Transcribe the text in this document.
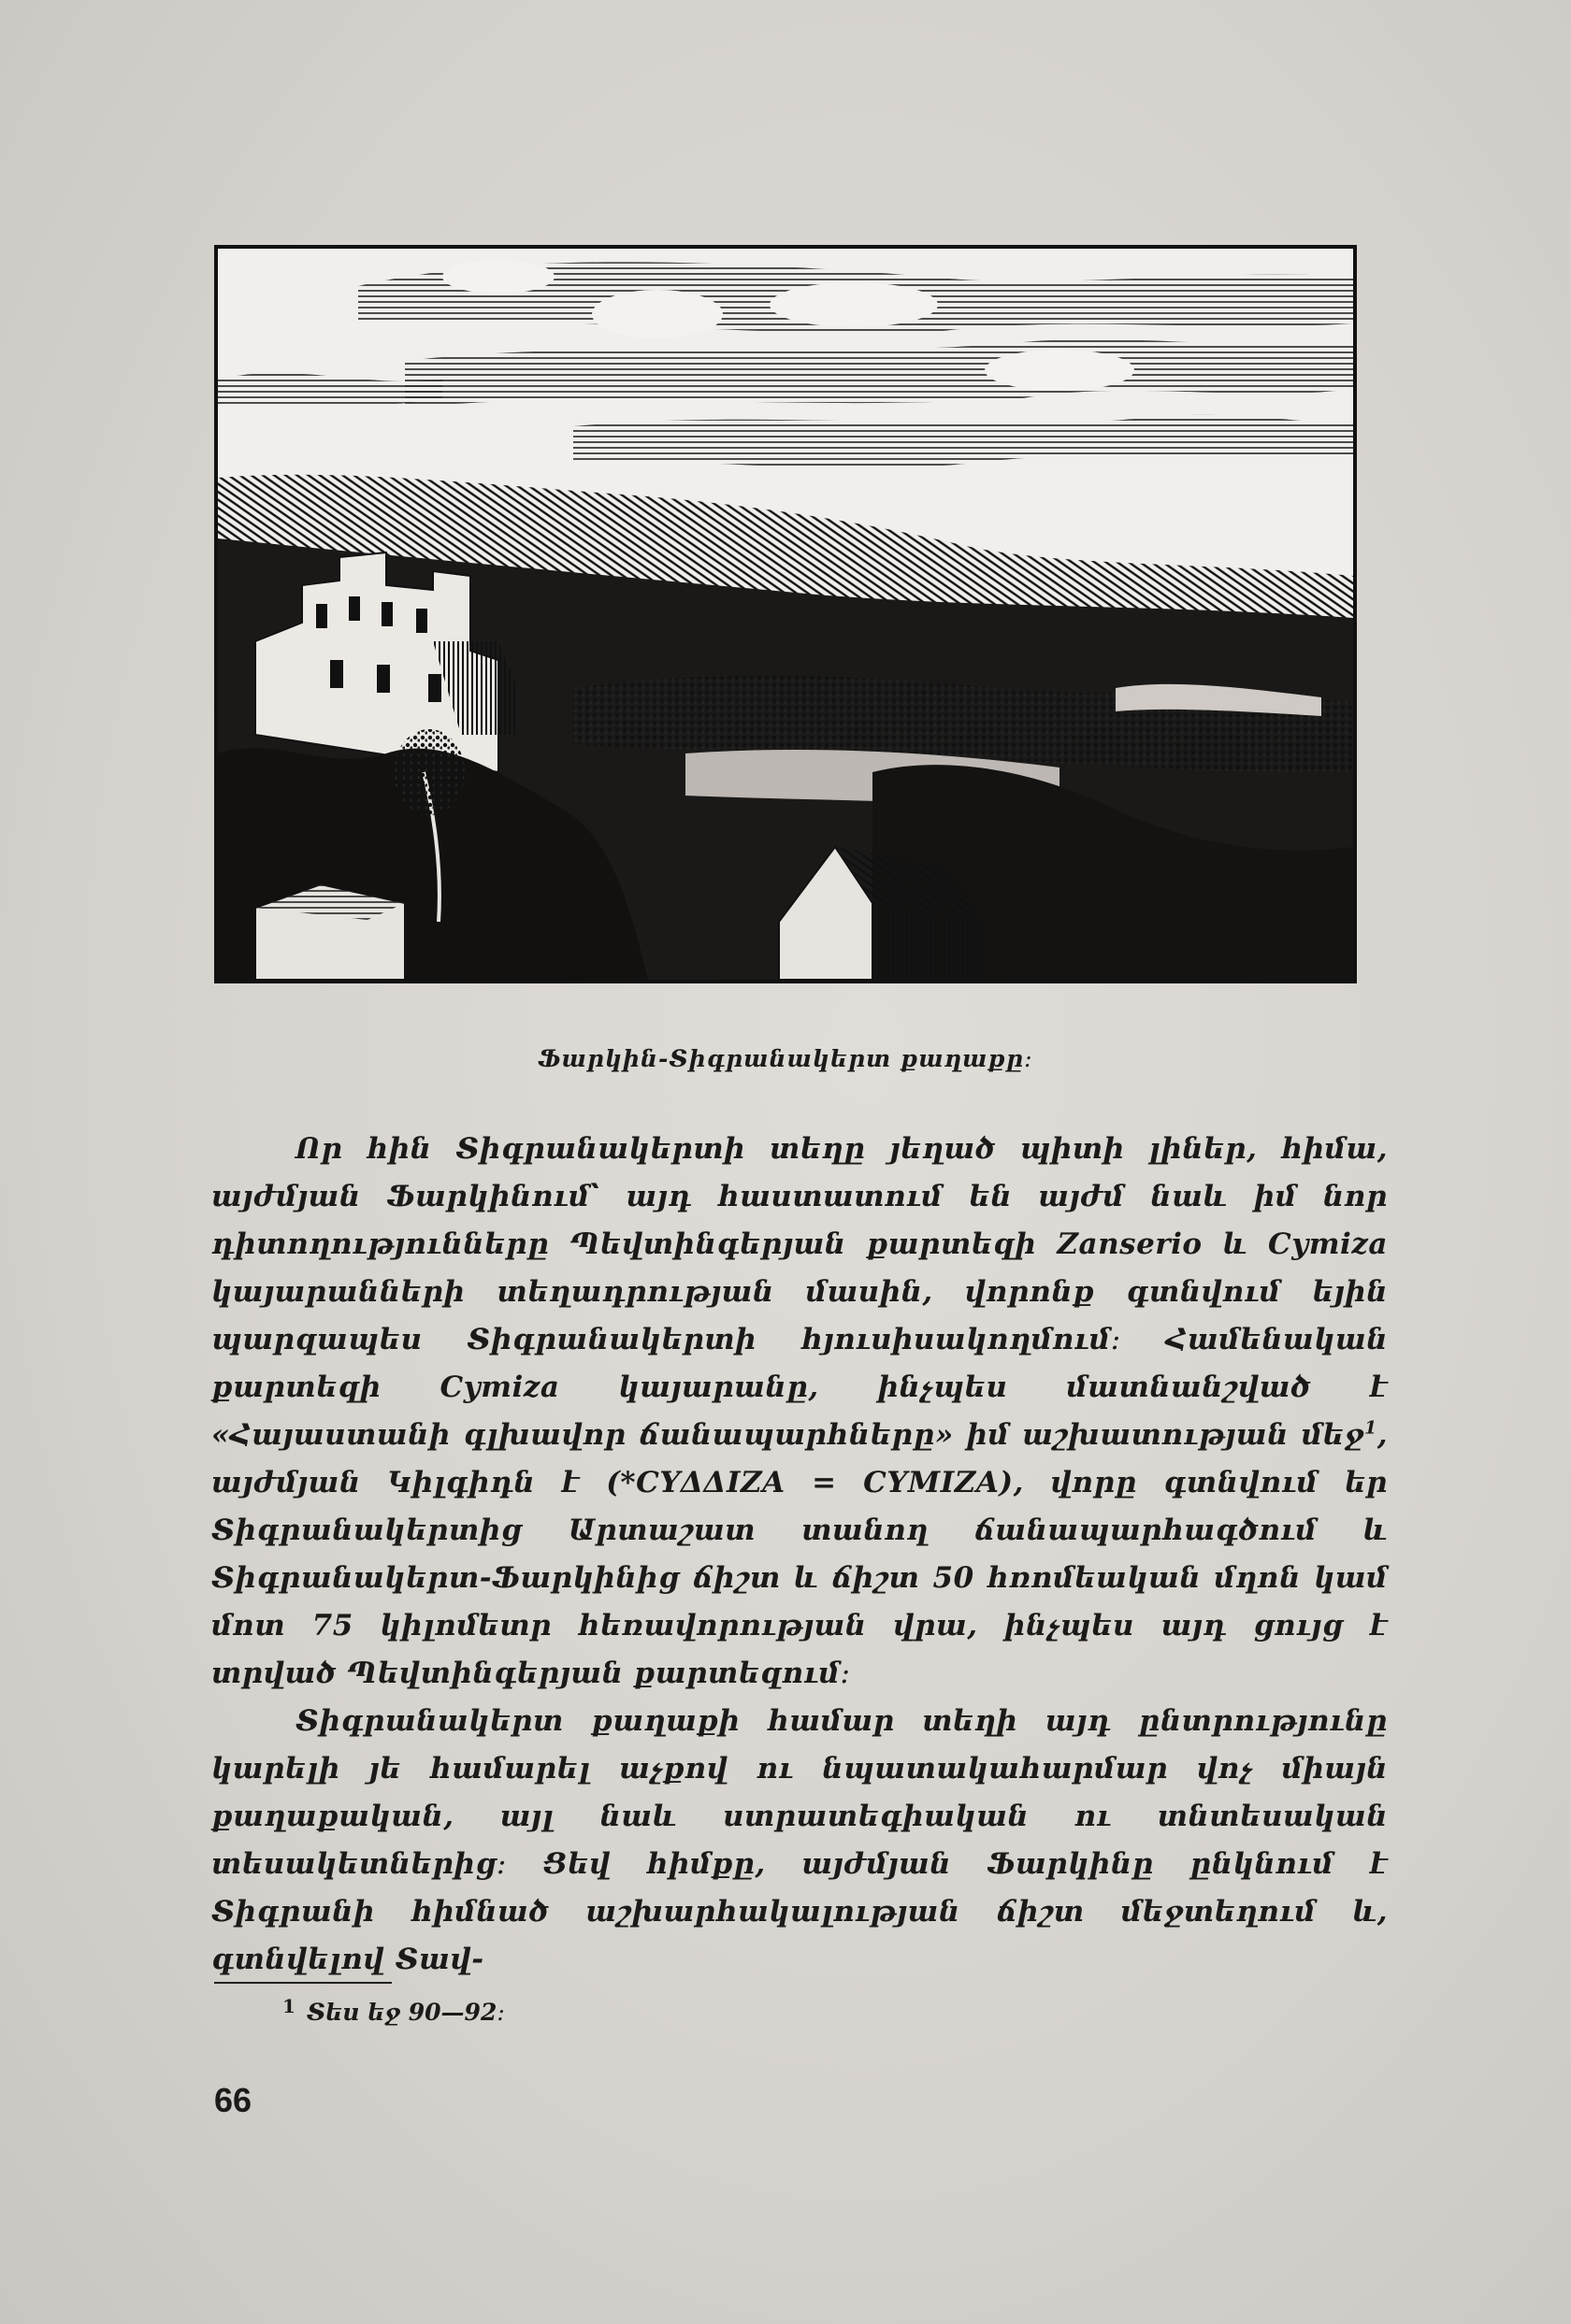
Ֆարկին-Տիգրանակերտ քաղաքը։

Որ հին Տիգրանակերտի տեղը յեղած պիտի լիներ, հիմա, այժմյան Ֆարկինում՝ այդ հաստատում են այժմ նաև իմ նոր դիտողությունները Պեվտինգերյան քարտեզի Zanserio և Cymiza կայարանների տեղադրության մասին, վորոնք գտնվում եյին պարզապես Տիգրանակերտի հյուսիսակողմում։ Համենական քարտեզի Cymiza կայարանը, ինչպես մատնանշված է «Հայաստանի գլխավոր ճանապարհները» իմ աշխատության մեջ$^1$, այժմյան Կիլգիդն է (*CYΔΔIZA = CYMIZA), վորը գտնվում եր Տիգրանակերտից Արտաշատ տանող ճանապարհագծում և Տիգրանակերտ-Ֆարկինից ճիշտ և ճիշտ 50 հռոմեական մղոն կամ մոտ 75 կիլոմետր հեռավորության վրա, ինչպես այդ ցույց է տրված Պեվտինգերյան քարտեզում։

Տիգրանակերտ քաղաքի համար տեղի այդ ընտրությունը կարելի յե համարել աչքով ու նպատակահարմար վոչ միայն քաղաքական, այլ նաև ստրատեգիական ու տնտեսական տեսակետներից։ Ցեվ հիմքը, այժմյան Ֆարկինը ընկնում է Տիգրանի հիմնած աշխարհակալության ճիշտ մեջտեղում և, գտնվելով Տավ-

$^1$ Տես եջ 90—92։
66
